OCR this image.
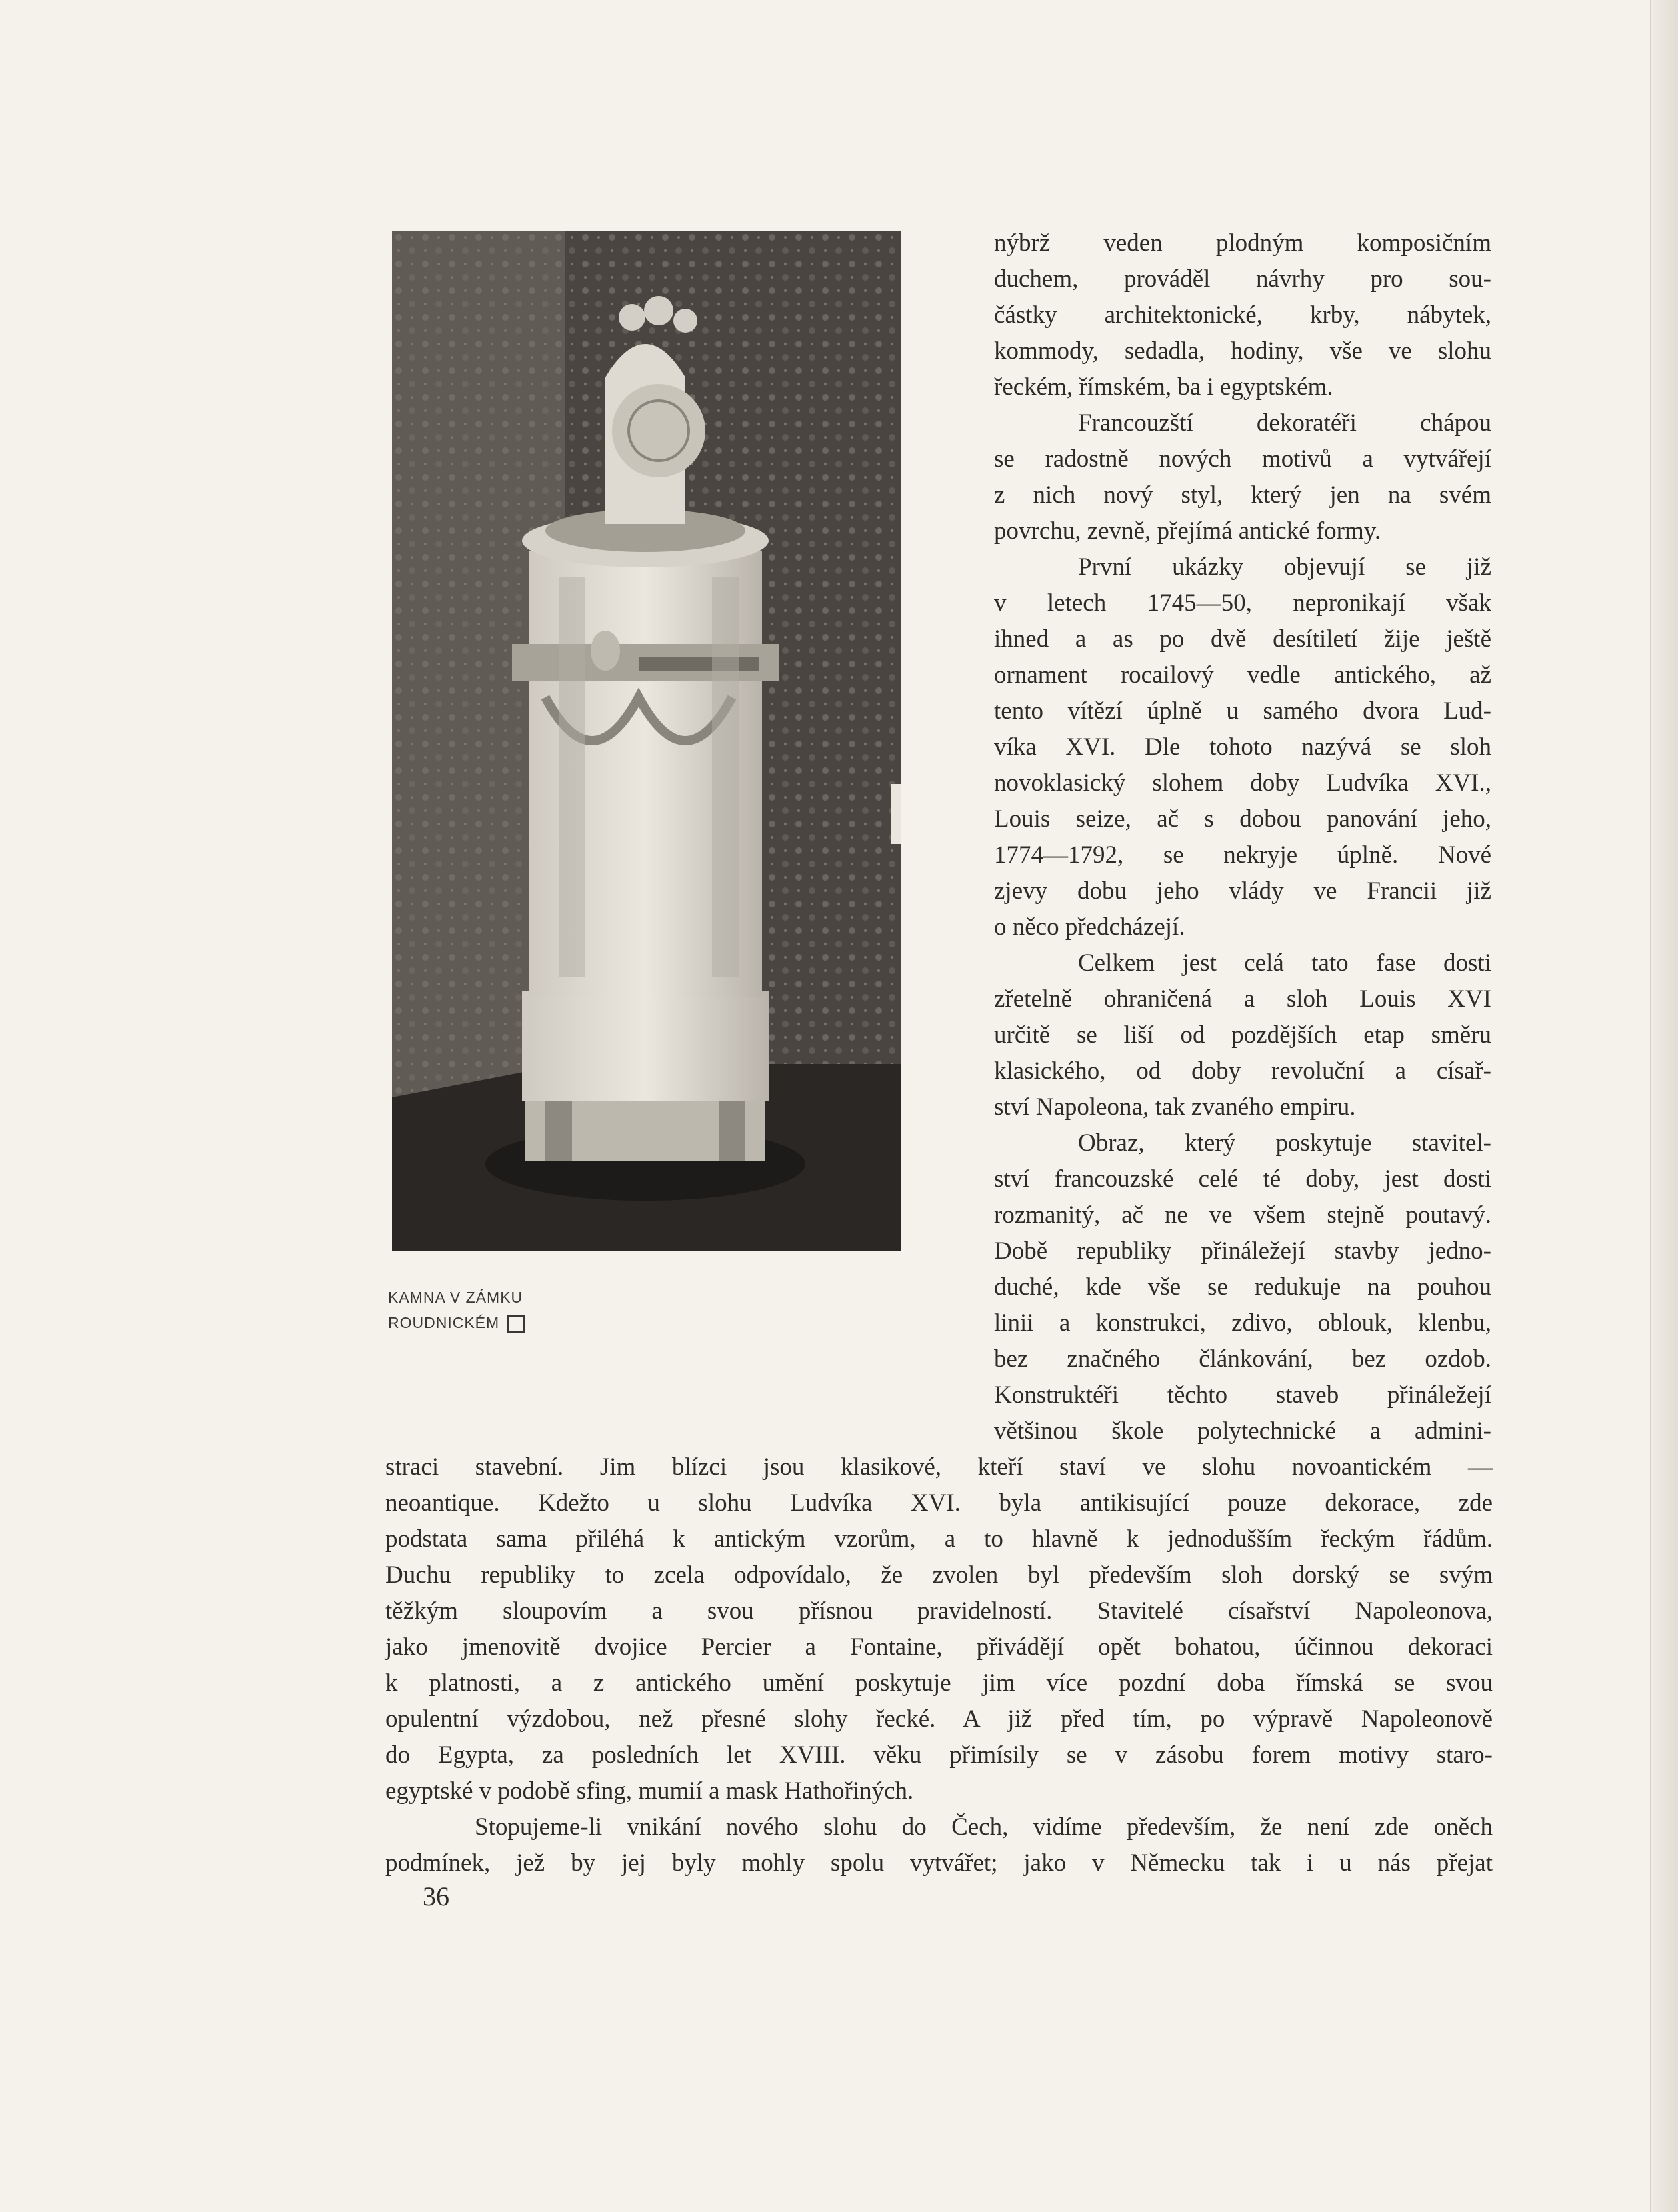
KAMNA V ZÁMKU
ROUDNICKÉM
nýbrž veden plodným komposičním
duchem, prováděl návrhy pro sou-
částky architektonické, krby, nábytek,
kommody, sedadla, hodiny, vše ve slohu
řeckém, římském, ba i egyptském.
Francouzští dekoratéři chápou
se radostně nových motivů a vytvářejí
z nich nový styl, který jen na svém
povrchu, zevně, přejímá antické formy.
První ukázky objevují se již
v letech 1745—50, nepronikají však
ihned a as po dvě desítiletí žije ještě
ornament rocailový vedle antického, až
tento vítězí úplně u samého dvora Lud-
víka XVI. Dle tohoto nazývá se sloh
novoklasický slohem doby Ludvíka XVI.,
Louis seize, ač s dobou panování jeho,
1774—1792, se nekryje úplně. Nové
zjevy dobu jeho vlády ve Francii již
o něco předcházejí.
Celkem jest celá tato fase dosti
zřetelně ohraničená a sloh Louis XVI
určitě se liší od pozdějších etap směru
klasického, od doby revoluční a císař-
ství Napoleona, tak zvaného empiru.
Obraz, který poskytuje stavitel-
ství francouzské celé té doby, jest dosti
rozmanitý, ač ne ve všem stejně poutavý.
Době republiky přináležejí stavby jedno-
duché, kde vše se redukuje na pouhou
linii a konstrukci, zdivo, oblouk, klenbu,
bez značného článkování, bez ozdob.
Konstruktéři těchto staveb přináležejí
většinou škole polytechnické a admini-
straci stavební. Jim blízci jsou klasikové, kteří staví ve slohu novoantickém —
neoantique. Kdežto u slohu Ludvíka XVI. byla antikisující pouze dekorace, zde
podstata sama přiléhá k antickým vzorům, a to hlavně k jednodušším řeckým řádům.
Duchu republiky to zcela odpovídalo, že zvolen byl především sloh dorský se svým
těžkým sloupovím a svou přísnou pravidelností. Stavitelé císařství Napoleonova,
jako jmenovitě dvojice Percier a Fontaine, přivádějí opět bohatou, účinnou dekoraci
k platnosti, a z antického umění poskytuje jim více pozdní doba římská se svou
opulentní výzdobou, než přesné slohy řecké. A již před tím, po výpravě Napoleonově
do Egypta, za posledních let XVIII. věku přimísily se v zásobu forem motivy staro-
egyptské v podobě sfing, mumií a mask Hathořiných.
Stopujeme-li vnikání nového slohu do Čech, vidíme především, že není zde oněch
podmínek, jež by jej byly mohly spolu vytvářet; jako v Německu tak i u nás přejat
36
